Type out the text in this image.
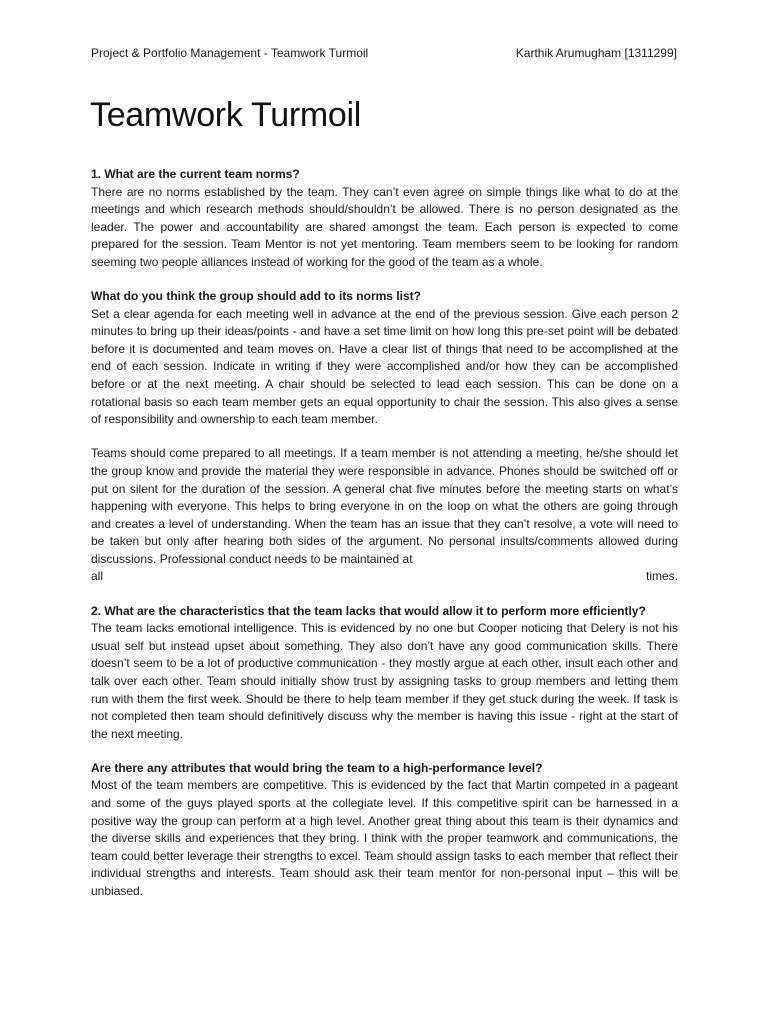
Project & Portfolio Management - Teamwork Turmoil	Karthik Arumugham [1311299]
Teamwork Turmoil

1. What are the current team norms?

There are no norms established by the team. They can’t even agree on simple things like what to do at the meetings and which research methods should/shouldn’t be allowed. There is no person designated as the leader. The power and accountability are shared amongst the team. Each person is expected to come prepared for the session. Team Mentor is not yet mentoring. Team members seem to be looking for random seeming two people alliances instead of working for the good of the team as a whole.

What do you think the group should add to its norms list?

Set a clear agenda for each meeting well in advance at the end of the previous session. Give each person 2 minutes to bring up their ideas/points - and have a set time limit on how long this pre-set point will be debated before it is documented and team moves on. Have a clear list of things that need to be accomplished at the end of each session. Indicate in writing if they were accomplished and/or how they can be accomplished before or at the next meeting. A chair should be selected to lead each session. This can be done on a rotational basis so each team member gets an equal opportunity to chair the session. This also gives a sense of responsibility and ownership to each team member.

Teams should come prepared to all meetings. If a team member is not attending a meeting, he/she should let the group know and provide the material they were responsible in advance. Phones should be switched off or put on silent for the duration of the session. A general chat five minutes before the meeting starts on what’s happening with everyone. This helps to bring everyone in on the loop on what the others are going through and creates a level of understanding. When the team has an issue that they can’t resolve, a vote will need to be taken but only after hearing both sides of the argument. No personal insults/comments allowed during discussions. Professional conduct needs to be maintained at

all	times.

2. What are the characteristics that the team lacks that would allow it to perform more efficiently?

The team lacks emotional intelligence. This is evidenced by no one but Cooper noticing that Delery is not his usual self but instead upset about something. They also don’t have any good communication skills. There doesn’t seem to be a lot of productive communication - they mostly argue at each other, insult each other and talk over each other. Team should initially show trust by assigning tasks to group members and letting them run with them the first week. Should be there to help team member if they get stuck during the week. If task is not completed then team should definitively discuss why the member is having this issue - right at the start of the next meeting.

Are there any attributes that would bring the team to a high-performance level?

Most of the team members are competitive. This is evidenced by the fact that Martin competed in a pageant and some of the guys played sports at the collegiate level. If this competitive spirit can be harnessed in a positive way the group can perform at a high level. Another great thing about this team is their dynamics and the diverse skills and experiences that they bring. I think with the proper teamwork and communications, the team could better leverage their strengths to excel. Team should assign tasks to each member that reflect their individual strengths and interests. Team should ask their team mentor for non-personal input – this will be unbiased.
